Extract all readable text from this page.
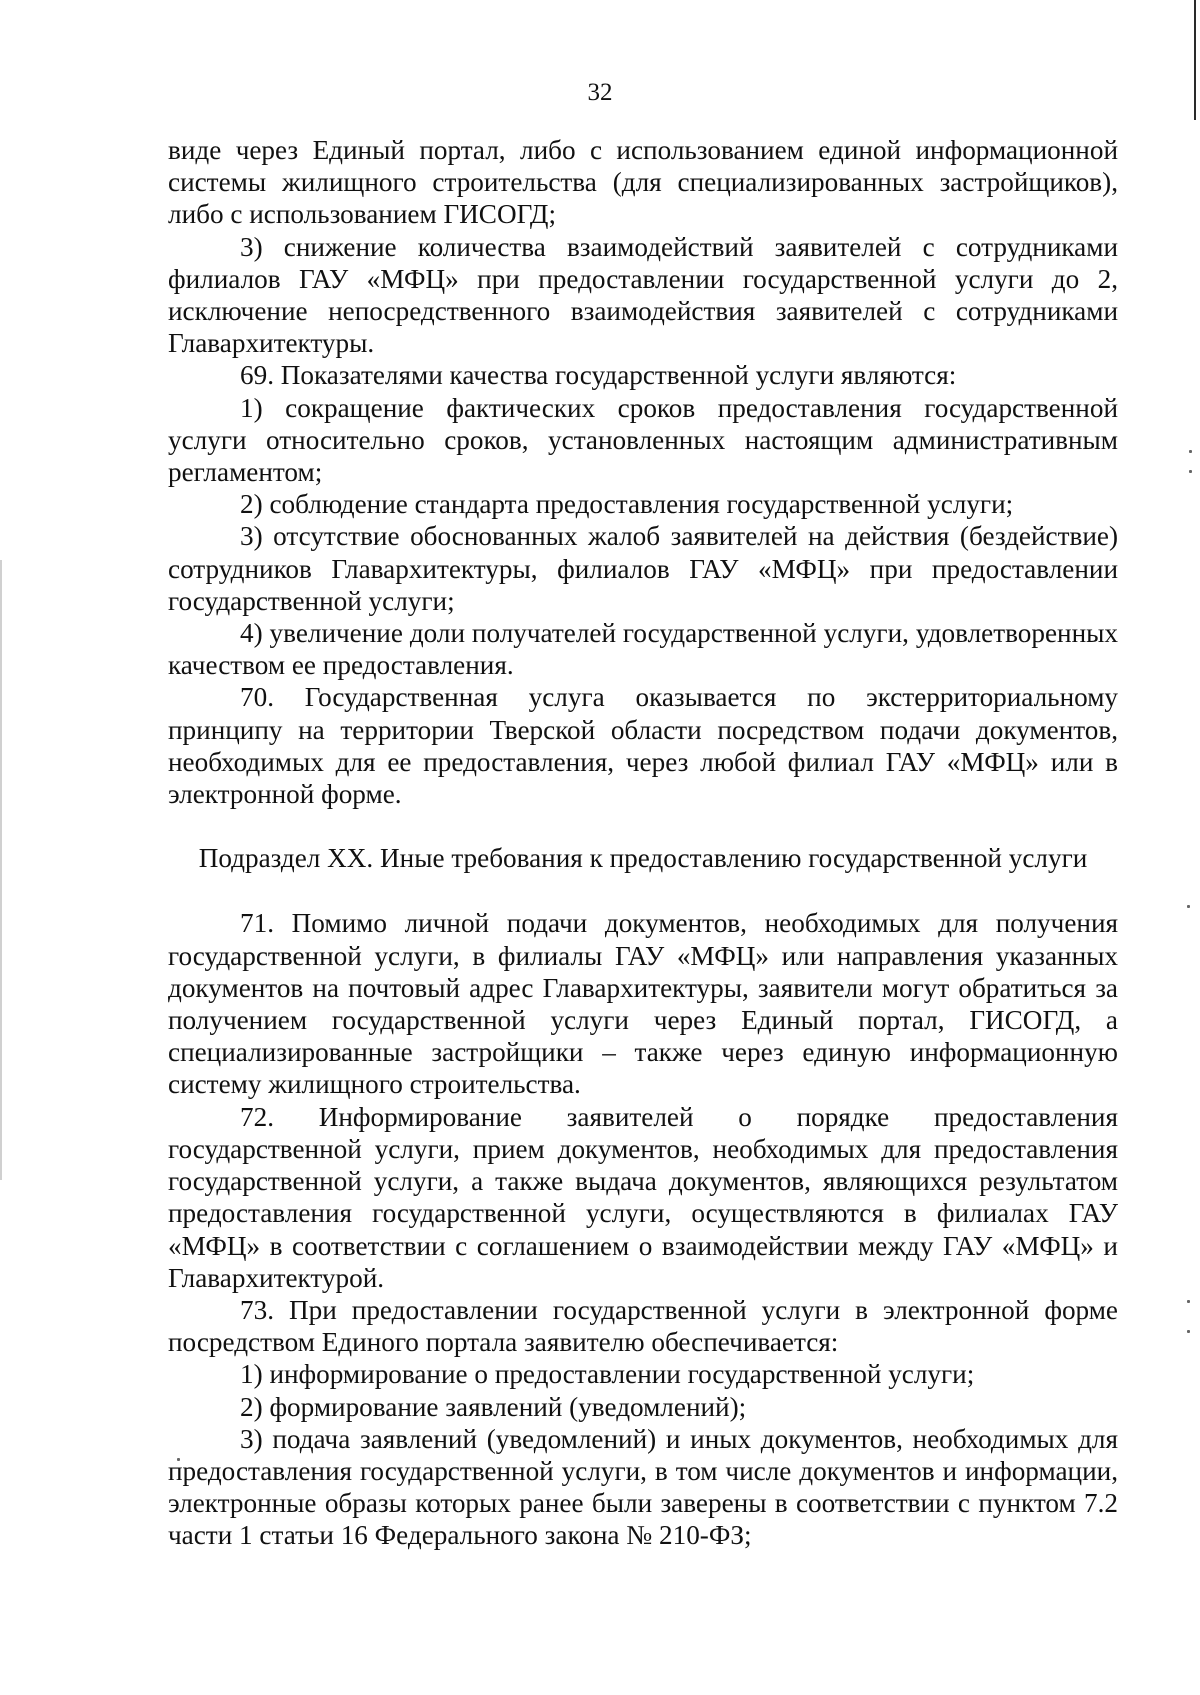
32

виде через Единый портал, либо с использованием единой информационной системы жилищного строительства (для специализированных застройщиков), либо с использованием ГИСОГД;

3) снижение количества взаимодействий заявителей с сотрудниками филиалов ГАУ «МФЦ» при предоставлении государственной услуги до 2, исключение непосредственного взаимодействия заявителей с сотрудниками Главархитектуры.

69. Показателями качества государственной услуги являются:

1) сокращение фактических сроков предоставления государственной услуги относительно сроков, установленных настоящим административным регламентом;

2) соблюдение стандарта предоставления государственной услуги;

3) отсутствие обоснованных жалоб заявителей на действия (бездействие) сотрудников Главархитектуры, филиалов ГАУ «МФЦ» при предоставлении государственной услуги;

4) увеличение доли получателей государственной услуги, удовлетворенных качеством ее предоставления.

70. Государственная услуга оказывается по экстерриториальному принципу на территории Тверской области посредством подачи документов, необходимых для ее предоставления, через любой филиал ГАУ «МФЦ» или в электронной форме.

Подраздел XX. Иные требования к предоставлению государственной услуги

71. Помимо личной подачи документов, необходимых для получения государственной услуги, в филиалы ГАУ «МФЦ» или направления указанных документов на почтовый адрес Главархитектуры, заявители могут обратиться за получением государственной услуги через Единый портал, ГИСОГД, а специализированные застройщики – также через единую информационную систему жилищного строительства.

72. Информирование заявителей о порядке предоставления государственной услуги, прием документов, необходимых для предоставления государственной услуги, а также выдача документов, являющихся результатом предоставления государственной услуги, осуществляются в филиалах ГАУ «МФЦ» в соответствии с соглашением о взаимодействии между ГАУ «МФЦ» и Главархитектурой.

73. При предоставлении государственной услуги в электронной форме посредством Единого портала заявителю обеспечивается:

1) информирование о предоставлении государственной услуги;

2) формирование заявлений (уведомлений);

3) подача заявлений (уведомлений) и иных документов, необходимых для предоставления государственной услуги, в том числе документов и информации, электронные образы которых ранее были заверены в соответствии с пунктом 7.2 части 1 статьи 16 Федерального закона № 210-ФЗ;
